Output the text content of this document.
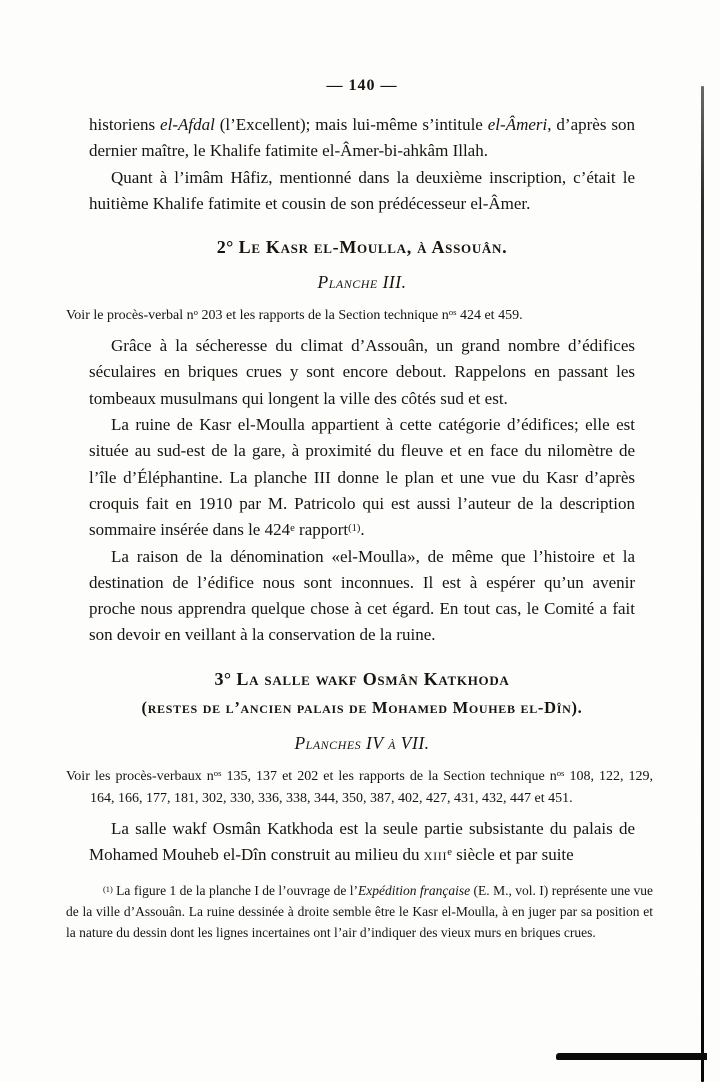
— 140 —

historiens el-Afdal (l’Excellent); mais lui-même s’intitule el-Âmeri, d’après son dernier maître, le Khalife fatimite el-Âmer-bi-ahkâm Illah.

Quant à l’imâm Hâfiz, mentionné dans la deuxième inscription, c’était le huitième Khalife fatimite et cousin de son prédécesseur el-Âmer.

2° Le Kasr el-Moulla, à Assouân.
Planche III.

Voir le procès-verbal $n^o$ 203 et les rapports de la Section technique $n^{os}$ 424 et 459.

Grâce à la sécheresse du climat d’Assouân, un grand nombre d’édifices séculaires en briques crues y sont encore debout. Rappelons en passant les tombeaux musulmans qui longent la ville des côtés sud et est.

La ruine de Kasr el-Moulla appartient à cette catégorie d’édifices; elle est située au sud-est de la gare, à proximité du fleuve et en face du nilomètre de l’île d’Éléphantine. La planche III donne le plan et une vue du Kasr d’après croquis fait en 1910 par M. Patricolo qui est aussi l’auteur de la description sommaire insérée dans le 424e rapport$^{(1)}$.

La raison de la dénomination «el-Moulla», de même que l’histoire et la destination de l’édifice nous sont inconnues. Il est à espérer qu’un avenir proche nous apprendra quelque chose à cet égard. En tout cas, le Comité a fait son devoir en veillant à la conservation de la ruine.

3° La salle wakf Osmân Katkhoda
(restes de l’ancien palais de Mohamed Mouheb el-Dîn).
Planches IV à VII.

Voir les procès-verbaux $n^{os}$ 135, 137 et 202 et les rapports de la Section technique $n^{os}$ 108, 122, 129, 164, 166, 177, 181, 302, 330, 336, 338, 344, 350, 387, 402, 427, 431, 432, 447 et 451.

La salle wakf Osmân Katkhoda est la seule partie subsistante du palais de Mohamed Mouheb el-Dîn construit au milieu du xiii$^e$ siècle et par suite

$^{(1)}$ La figure 1 de la planche I de l’ouvrage de l’Expédition française (E. M., vol. I) représente une vue de la ville d’Assouân. La ruine dessinée à droite semble être le Kasr el-Moulla, à en juger par sa position et la nature du dessin dont les lignes incertaines ont l’air d’indiquer des vieux murs en briques crues.
